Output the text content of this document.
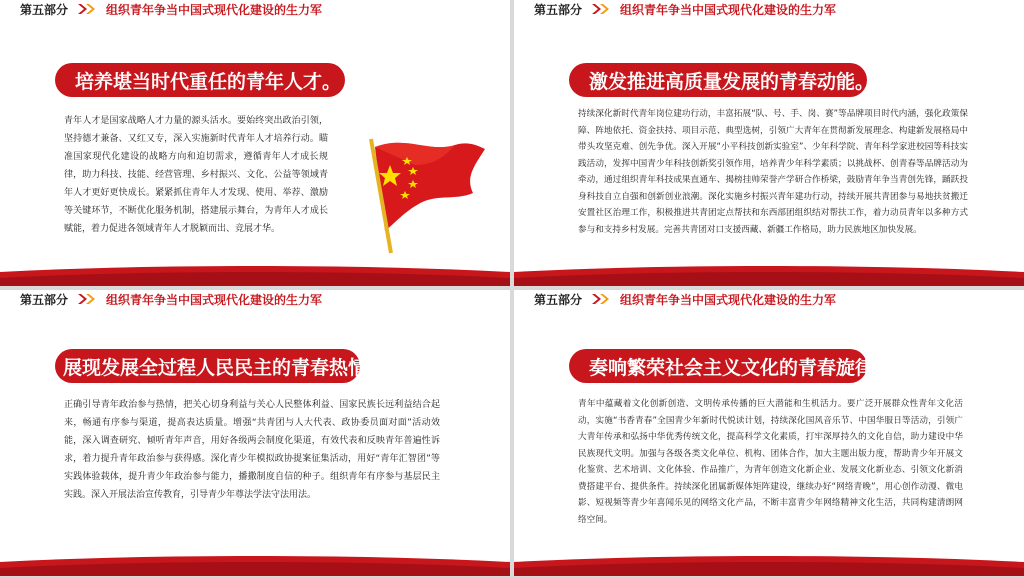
第五部分	组织青年争当中国式现代化建设的生力军
培养堪当时代重任的青年人才。
青年人才是国家战略人才力量的源头活水。要始终突出政治引领，坚持德才兼备、又红又专，深入实施新时代青年人才培养行动。瞄准国家现代化建设的战略方向和迫切需求，遵循青年人才成长规律，助力科技、技能、经营管理、乡村振兴、文化、公益等领域青年人才更好更快成长。紧紧抓住青年人才发现、使用、举荐、激励等关键环节，不断优化服务机制，搭建展示舞台，为青年人才成长赋能，着力促进各领域青年人才脱颖而出、竞展才华。
第五部分	组织青年争当中国式现代化建设的生力军
激发推进高质量发展的青春动能。
持续深化新时代青年岗位建功行动，丰富拓展“队、号、手、岗、赛”等品牌项目时代内涵，强化政策保障、阵地依托、资金扶持、项目示范、典型选树，引领广大青年在贯彻新发展理念、构建新发展格局中带头攻坚克难、创先争优。深入开展“小平科技创新实验室”、少年科学院、青年科学家进校园等科技实践活动，发挥中国青少年科技创新奖引领作用，培养青少年科学素质；以挑战杯、创青春等品牌活动为牵动，通过组织青年科技成果直通车、揭榜挂帅荣誉产学研合作桥梁，鼓励青年争当青创先锋，踊跃投身科技自立自强和创新创业浪潮。深化实施乡村振兴青年建功行动，持续开展共青团参与易地扶贫搬迁安置社区治理工作，积极推进共青团定点帮扶和东西部团组织结对帮扶工作，着力动员青年以多种方式参与和支持乡村发展。完善共青团对口支援西藏、新疆工作格局，助力民族地区加快发展。
第五部分	组织青年争当中国式现代化建设的生力军
展现发展全过程人民民主的青春热情。
正确引导青年政治参与热情，把关心切身利益与关心人民整体利益、国家民族长远利益结合起来，畅通有序参与渠道，提高表达质量。增强“共青团与人大代表、政协委员面对面”活动效能，深入调查研究、倾听青年声音，用好各级两会制度化渠道，有效代表和反映青年普遍性诉求，着力提升青年政治参与获得感。深化青少年模拟政协提案征集活动，用好“青年汇智团”等实践体验载体，提升青少年政治参与能力，播撒制度自信的种子。组织青年有序参与基层民主实践。深入开展法治宣传教育，引导青少年尊法学法守法用法。
第五部分	组织青年争当中国式现代化建设的生力军
奏响繁荣社会主义文化的青春旋律。
青年中蕴藏着文化创新创造、文明传承传播的巨大潜能和生机活力。要广泛开展群众性青年文化活动，实施“书香青春”全国青少年新时代悦读计划，持续深化国风音乐节、中国华服日等活动，引领广大青年传承和弘扬中华优秀传统文化，提高科学文化素质，打牢深厚持久的文化自信，助力建设中华民族现代文明。加强与各级各类文化单位、机构、团体合作，加大主题出版力度，帮助青少年开展文化鉴赏、艺术培训、文化体验、作品推广，为青年创造文化新企业、发展文化新业态、引领文化新消费搭建平台、提供条件。持续深化团属新媒体矩阵建设，继续办好“网络青晚”，用心创作动漫、微电影、短视频等青少年喜闻乐见的网络文化产品，不断丰富青少年网络精神文化生活，共同构建清朗网络空间。
